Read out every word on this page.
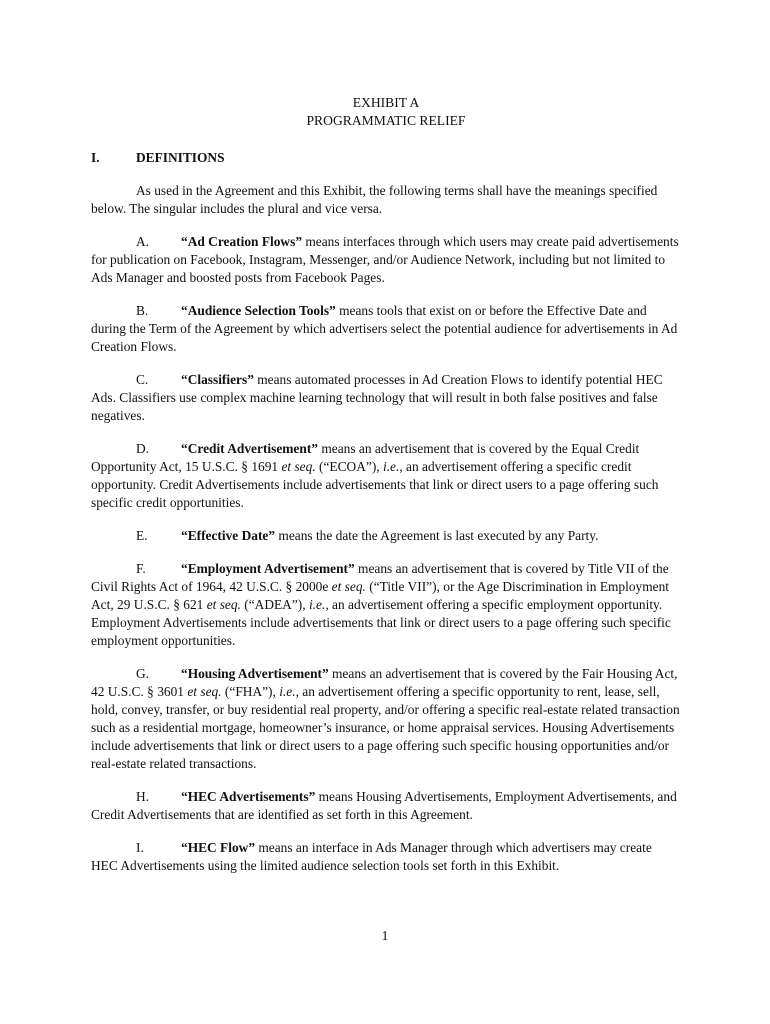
EXHIBIT A

PROGRAMMATIC RELIEF

I.	DEFINITIONS

As used in the Agreement and this Exhibit, the following terms shall have the meanings specified below. The singular includes the plural and vice versa.

A. “Ad Creation Flows” means interfaces through which users may create paid advertisements for publication on Facebook, Instagram, Messenger, and/or Audience Network, including but not limited to Ads Manager and boosted posts from Facebook Pages.

B. “Audience Selection Tools” means tools that exist on or before the Effective Date and during the Term of the Agreement by which advertisers select the potential audience for advertisements in Ad Creation Flows.

C. “Classifiers” means automated processes in Ad Creation Flows to identify potential HEC Ads. Classifiers use complex machine learning technology that will result in both false positives and false negatives.

D. “Credit Advertisement” means an advertisement that is covered by the Equal Credit Opportunity Act, 15 U.S.C. § 1691 et seq. (“ECOA”), i.e., an advertisement offering a specific credit opportunity. Credit Advertisements include advertisements that link or direct users to a page offering such specific credit opportunities.

E. “Effective Date” means the date the Agreement is last executed by any Party.

F.	“Employment Advertisement” means an advertisement that is covered by Title VII of the Civil Rights Act of 1964, 42 U.S.C. § 2000e et seq. (“Title VII”), or the Age Discrimination in Employment Act, 29 U.S.C. § 621 et seq. (“ADEA”), i.e., an advertisement offering a specific employment opportunity. Employment Advertisements include advertisements that link or direct users to a page offering such specific employment opportunities.

G. “Housing Advertisement” means an advertisement that is covered by the Fair Housing Act, 42 U.S.C. § 3601 et seq. (“FHA”), i.e., an advertisement offering a specific opportunity to rent, lease, sell, hold, convey, transfer, or buy residential real property, and/or offering a specific real-estate related transaction such as a residential mortgage, homeowner’s insurance, or home appraisal services. Housing Advertisements include advertisements that link or direct users to a page offering such specific housing opportunities and/or real-estate related transactions.

H. “HEC Advertisements” means Housing Advertisements, Employment Advertisements, and Credit Advertisements that are identified as set forth in this Agreement.

I.	“HEC Flow” means an interface in Ads Manager through which advertisers may create HEC Advertisements using the limited audience selection tools set forth in this Exhibit.

1
